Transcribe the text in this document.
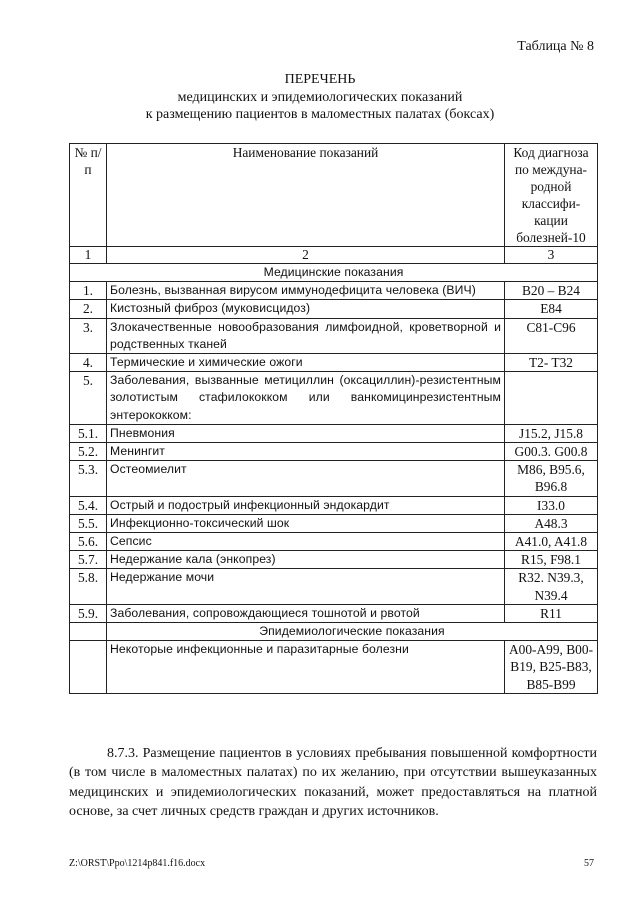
Таблица № 8
ПЕРЕЧЕНЬ
медицинских и эпидемиологических показаний
к размещению пациентов в маломестных палатах (боксах)
№ п/п	Наименование показаний	Код диагноза по междуна-родной классифи-кации болезней-10
1	2	3
Медицинские показания		
1.	Болезнь, вызванная вирусом иммунодефицита человека (ВИЧ)	B20 – B24
2.	Кистозный фиброз (муковисцидоз)	E84
3.	Злокачественные новообразования лимфоидной, кроветворной и родственных тканей	C81-C96
4.	Термические и химические ожоги	T2- T32
5.	Заболевания, вызванные метициллин (оксациллин)-резистентным золотистым стафилококком или ванкомицинрезистентным энтерококком:	
5.1.	Пневмония	J15.2, J15.8
5.2.	Менингит	G00.3. G00.8
5.3.	Остеомиелит	M86, B95.6, B96.8
5.4.	Острый и подострый инфекционный эндокардит	I33.0
5.5.	Инфекционно-токсический шок	A48.3
5.6.	Сепсис	A41.0, A41.8
5.7.	Недержание кала (энкопрез)	R15, F98.1
5.8.	Недержание мочи	R32. N39.3, N39.4
5.9.	Заболевания, сопровождающиеся тошнотой и рвотой	R11
	Эпидемиологические показания	
	Некоторые инфекционные и паразитарные болезни	A00-A99, B00-B19, B25-B83, B85-B99
8.7.3. Размещение пациентов в условиях пребывания повышенной комфортности (в том числе в маломестных палатах) по их желанию, при отсутствии вышеуказанных медицинских и эпидемиологических показаний, может предоставляться на платной основе, за счет личных средств граждан и других источников.
Z:\ORST\Ppo\1214p841.f16.docx	57
